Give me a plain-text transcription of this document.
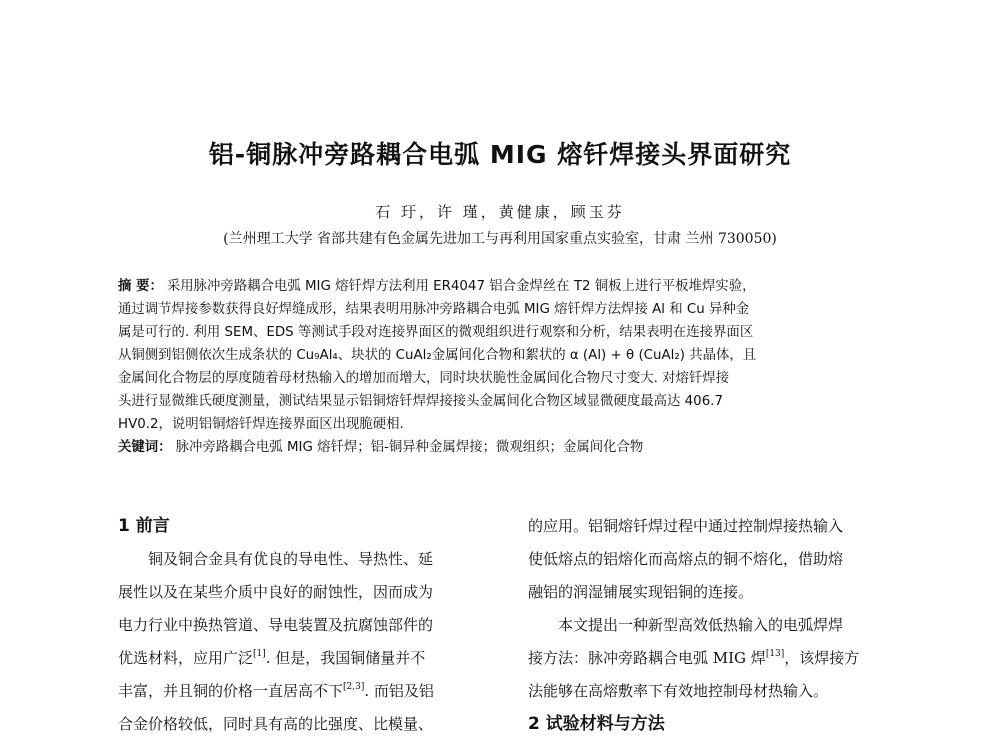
铝-铜脉冲旁路耦合电弧 MIG 熔钎焊接头界面研究
石 玗，许 瑾，黄健康，顾玉芬
(兰州理工大学 省部共建有色金属先进加工与再利用国家重点实验室，甘肃 兰州 730050)
摘 要： 采用脉冲旁路耦合电弧 MIG 熔钎焊方法利用 ER4047 铝合金焊丝在 T2 铜板上进行平板堆焊实验，
通过调节焊接参数获得良好焊缝成形，结果表明用脉冲旁路耦合电弧 MIG 熔钎焊方法焊接 Al 和 Cu 异种金
属是可行的. 利用 SEM、EDS 等测试手段对连接界面区的微观组织进行观察和分析，结果表明在连接界面区
从铜侧到铝侧依次生成条状的 Cu₉Al₄、块状的 CuAl₂金属间化合物和絮状的 α (Al) + θ (CuAl₂) 共晶体，且
金属间化合物层的厚度随着母材热输入的增加而增大，同时块状脆性金属间化合物尺寸变大. 对熔钎焊接
头进行显微维氏硬度测量，测试结果显示铝铜熔钎焊焊接接头金属间化合物区域显微硬度最高达 406.7
HV0.2，说明铝铜熔钎焊连接界面区出现脆硬相.
关键词： 脉冲旁路耦合电弧 MIG 熔钎焊；铝-铜异种金属焊接；微观组织；金属间化合物
1 前言
铜及铜合金具有优良的导电性、导热性、延
展性以及在某些介质中良好的耐蚀性，因而成为
电力行业中换热管道、导电装置及抗腐蚀部件的
优选材料，应用广泛[1]. 但是，我国铜储量并不
丰富，并且铜的价格一直居高不下[2,3]. 而铝及铝
合金价格较低，同时具有高的比强度、比模量、
的应用。铝铜熔钎焊过程中通过控制焊接热输入
使低熔点的铝熔化而高熔点的铜不熔化，借助熔
融铝的润湿铺展实现铝铜的连接。
本文提出一种新型高效低热输入的电弧焊焊
接方法：脉冲旁路耦合电弧 MIG 焊[13]，该焊接方
法能够在高熔敷率下有效地控制母材热输入。
2 试验材料与方法
